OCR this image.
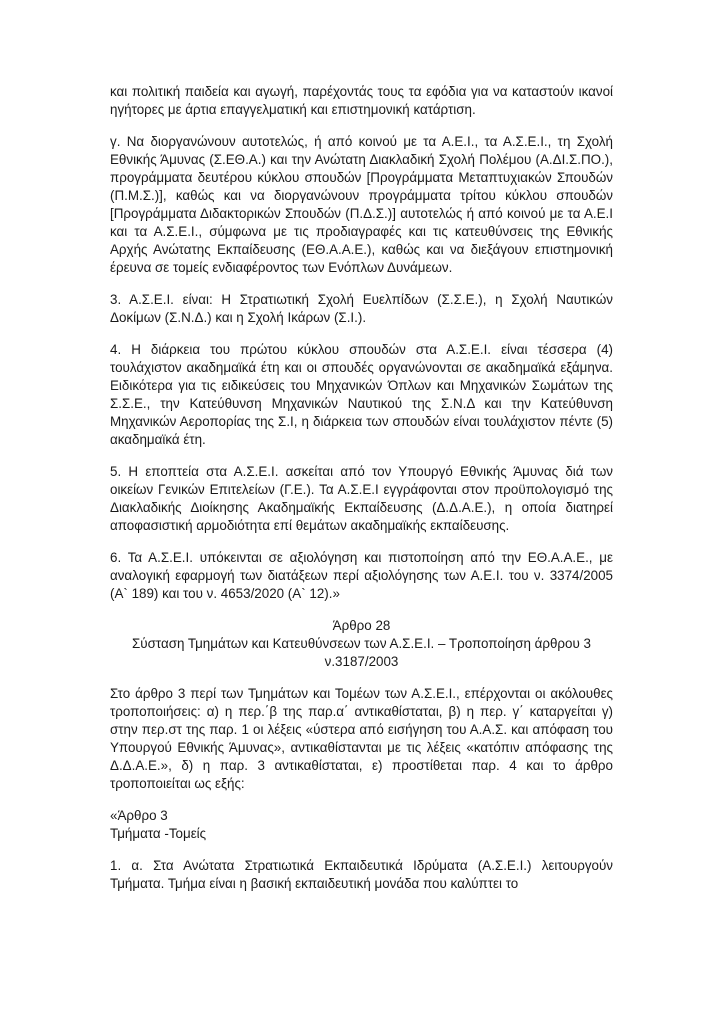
και πολιτική παιδεία και αγωγή, παρέχοντάς τους τα εφόδια για να καταστούν ικανοί ηγήτορες με άρτια επαγγελματική και επιστημονική κατάρτιση.

γ. Να διοργανώνουν αυτοτελώς, ή από κοινού με τα Α.Ε.Ι., τα Α.Σ.Ε.Ι., τη Σχολή Εθνικής Άμυνας (Σ.ΕΘ.Α.) και την Ανώτατη Διακλαδική Σχολή Πολέμου (Α.ΔΙ.Σ.ΠΟ.), προγράμματα δευτέρου κύκλου σπουδών [Προγράμματα Μεταπτυχιακών Σπουδών (Π.Μ.Σ.)], καθώς και να διοργανώνουν προγράμματα τρίτου κύκλου σπουδών [Προγράμματα Διδακτορικών Σπουδών (Π.Δ.Σ.)] αυτοτελώς ή από κοινού με τα Α.Ε.Ι και τα Α.Σ.Ε.Ι., σύμφωνα με τις προδιαγραφές και τις κατευθύνσεις της Εθνικής Αρχής Ανώτατης Εκπαίδευσης (ΕΘ.Α.Α.Ε.), καθώς και να διεξάγουν επιστημονική έρευνα σε τομείς ενδιαφέροντος των Ενόπλων Δυνάμεων.

3. Α.Σ.Ε.Ι. είναι: Η Στρατιωτική Σχολή Ευελπίδων (Σ.Σ.Ε.), η Σχολή Ναυτικών Δοκίμων (Σ.Ν.Δ.) και η Σχολή Ικάρων (Σ.Ι.).

4. Η διάρκεια του πρώτου κύκλου σπουδών στα Α.Σ.Ε.Ι. είναι τέσσερα (4) τουλάχιστον ακαδημαϊκά έτη και οι σπουδές οργανώνονται σε ακαδημαϊκά εξάμηνα. Ειδικότερα για τις ειδικεύσεις του Μηχανικών Όπλων και Μηχανικών Σωμάτων της Σ.Σ.Ε., την Κατεύθυνση Μηχανικών Ναυτικού της Σ.Ν.Δ και την Κατεύθυνση Μηχανικών Αεροπορίας της Σ.Ι, η διάρκεια των σπουδών είναι τουλάχιστον πέντε (5) ακαδημαϊκά έτη.

5. Η εποπτεία στα Α.Σ.Ε.Ι. ασκείται από τον Υπουργό Εθνικής Άμυνας διά των οικείων Γενικών Επιτελείων (Γ.Ε.). Τα Α.Σ.Ε.Ι εγγράφονται στον προϋπολογισμό της Διακλαδικής Διοίκησης Ακαδημαϊκής Εκπαίδευσης (Δ.Δ.Α.Ε.), η οποία διατηρεί αποφασιστική αρμοδιότητα επί θεμάτων ακαδημαϊκής εκπαίδευσης.

6. Τα Α.Σ.Ε.Ι. υπόκεινται σε αξιολόγηση και πιστοποίηση από την ΕΘ.Α.Α.Ε., με αναλογική εφαρμογή των διατάξεων περί αξιολόγησης των Α.Ε.Ι. του ν. 3374/2005 (Α` 189) και του ν. 4653/2020 (Α` 12).»

Άρθρο 28
Σύσταση Τμημάτων και Κατευθύνσεων των Α.Σ.Ε.Ι. – Τροποποίηση άρθρου 3
ν.3187/2003

Στο άρθρο 3 περί των Τμημάτων και Τομέων των Α.Σ.Ε.Ι., επέρχονται οι ακόλουθες τροποποιήσεις: α) η περ.΄β της παρ.α΄ αντικαθίσταται, β) η περ. γ΄ καταργείται γ) στην περ.στ της παρ. 1 οι λέξεις «ύστερα από εισήγηση του Α.Α.Σ. και απόφαση του Υπουργού Εθνικής Άμυνας», αντικαθίστανται με τις λέξεις «κατόπιν απόφασης της Δ.Δ.Α.Ε.», δ) η παρ. 3 αντικαθίσταται, ε) προστίθεται παρ. 4 και το άρθρο τροποποιείται ως εξής:

«Άρθρο 3
Τμήματα -Τομείς

1. α. Στα Ανώτατα Στρατιωτικά Εκπαιδευτικά Ιδρύματα (Α.Σ.Ε.Ι.) λειτουργούν Τμήματα. Τμήμα είναι η βασική εκπαιδευτική μονάδα που καλύπτει το
